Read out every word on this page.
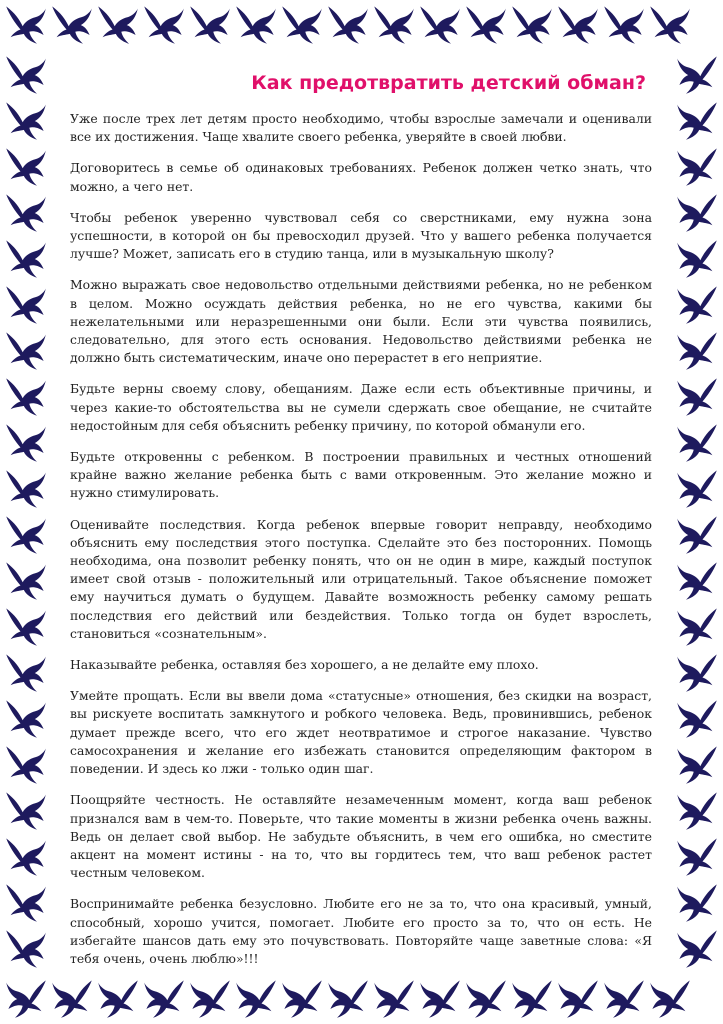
Как предотвратить детский обман?

Уже после трех лет детям просто необходимо, чтобы взрослые замечали и оценивали все их достижения. Чаще хвалите своего ребенка, уверяйте в своей любви.

Договоритесь в семье об одинаковых требованиях. Ребенок должен четко знать, что можно, а чего нет.

Чтобы ребенок уверенно чувствовал себя со сверстниками, ему нужна зона успешности, в которой он бы превосходил друзей. Что у вашего ребенка получается лучше? Может, записать его в студию танца, или в музыкальную школу?

Можно выражать свое недовольство отдельными действиями ребенка, но не ребенком в целом. Можно осуждать действия ребенка, но не его чувства, какими бы нежелательными или неразрешенными они были. Если эти чувства появились, следовательно, для этого есть основания. Недовольство действиями ребенка не должно быть систематическим, иначе оно перерастет в его неприятие.

Будьте верны своему слову, обещаниям. Даже если есть объективные причины, и через какие-то обстоятельства вы не сумели сдержать свое обещание, не считайте недостойным для себя объяснить ребенку причину, по которой обманули его.

Будьте откровенны с ребенком. В построении правильных и честных отношений крайне важно желание ребенка быть с вами откровенным. Это желание можно и нужно стимулировать.

Оценивайте последствия. Когда ребенок впервые говорит неправду, необходимо объяснить ему последствия этого поступка. Сделайте это без посторонних. Помощь необходима, она позволит ребенку понять, что он не один в мире, каждый поступок имеет свой отзыв - положительный или отрицательный. Такое объяснение поможет ему научиться думать о будущем. Давайте возможность ребенку самому решать последствия его действий или бездействия. Только тогда он будет взрослеть, становиться «сознательным».

Наказывайте ребенка, оставляя без хорошего, а не делайте ему плохо.

Умейте прощать. Если вы ввели дома «статусные» отношения, без скидки на возраст, вы рискуете воспитать замкнутого и робкого человека. Ведь, провинившись, ребенок думает прежде всего, что его ждет неотвратимое и строгое наказание. Чувство самосохранения и желание его избежать становится определяющим фактором в поведении. И здесь ко лжи - только один шаг.

Поощряйте честность. Не оставляйте незамеченным момент, когда ваш ребенок признался вам в чем-то. Поверьте, что такие моменты в жизни ребенка очень важны. Ведь он делает свой выбор. Не забудьте объяснить, в чем его ошибка, но сместите акцент на момент истины - на то, что вы гордитесь тем, что ваш ребенок растет честным человеком.

Воспринимайте ребенка безусловно. Любите его не за то, что она красивый, умный, способный, хорошо учится, помогает. Любите его просто за то, что он есть. Не избегайте шансов дать ему это почувствовать. Повторяйте чаще заветные слова: «Я тебя очень, очень люблю»!!!
